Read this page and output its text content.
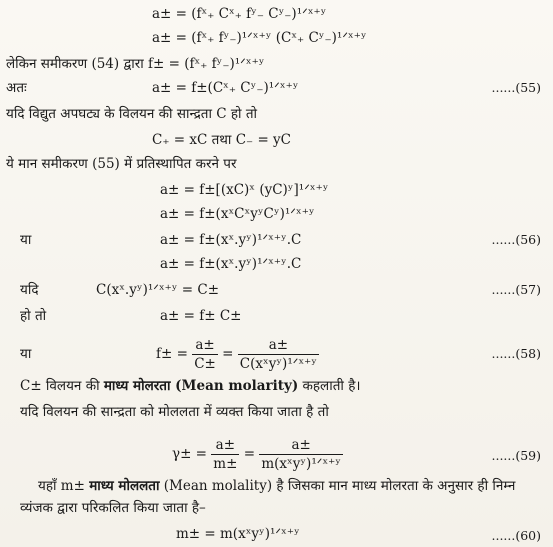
a± = (fˣ₊ Cˣ₊ fʸ₋ Cʸ₋)¹ᐟˣ⁺ʸ
a± = (fˣ₊ fʸ₋)¹ᐟˣ⁺ʸ (Cˣ₊ Cʸ₋)¹ᐟˣ⁺ʸ
लेकिन समीकरण (54) द्वारा f± = (fˣ₊ fʸ₋)¹ᐟˣ⁺ʸ
अतः	a± = f±(Cˣ₊ Cʸ₋)¹ᐟˣ⁺ʸ	......(55)
यदि विद्युत अपघट्य के विलयन की सान्द्रता C हो तो
C₊ = xC तथा C₋ = yC
ये मान समीकरण (55) में प्रतिस्थापित करने पर
a± = f±[(xC)ˣ (yC)ʸ]¹ᐟˣ⁺ʸ
a± = f±(xˣCˣyʸCʸ)¹ᐟˣ⁺ʸ
या	a± = f±(xˣ.yʸ)¹ᐟˣ⁺ʸ.C	......(56)
a± = f±(xˣ.yʸ)¹ᐟˣ⁺ʸ.C
यदि	C(xˣ.yʸ)¹ᐟˣ⁺ʸ = C±	......(57)
हो तो	a± = f± C±
या	$f\pm = \frac{a\pm}{C\pm} = \frac{a\pm}{\text{C(xˣyʸ)¹ᐟˣ⁺ʸ}}$	......(58)
C± विलयन की माध्य मोलरता (Mean molarity) कहलाती है।
यदि विलयन की सान्द्रता को मोललता में व्यक्त किया जाता है तो
$\gamma\pm = \frac{a\pm}{m\pm} = \frac{a\pm}{\text{m(xˣyʸ)¹ᐟˣ⁺ʸ}}$	......(59)
यहाँ m± माध्य मोललता (Mean molality) है जिसका मान माध्य मोलरता के अनुसार ही निम्न
व्यंजक द्वारा परिकलित किया जाता है–
m± = m(xˣyʸ)¹ᐟˣ⁺ʸ	......(60)
